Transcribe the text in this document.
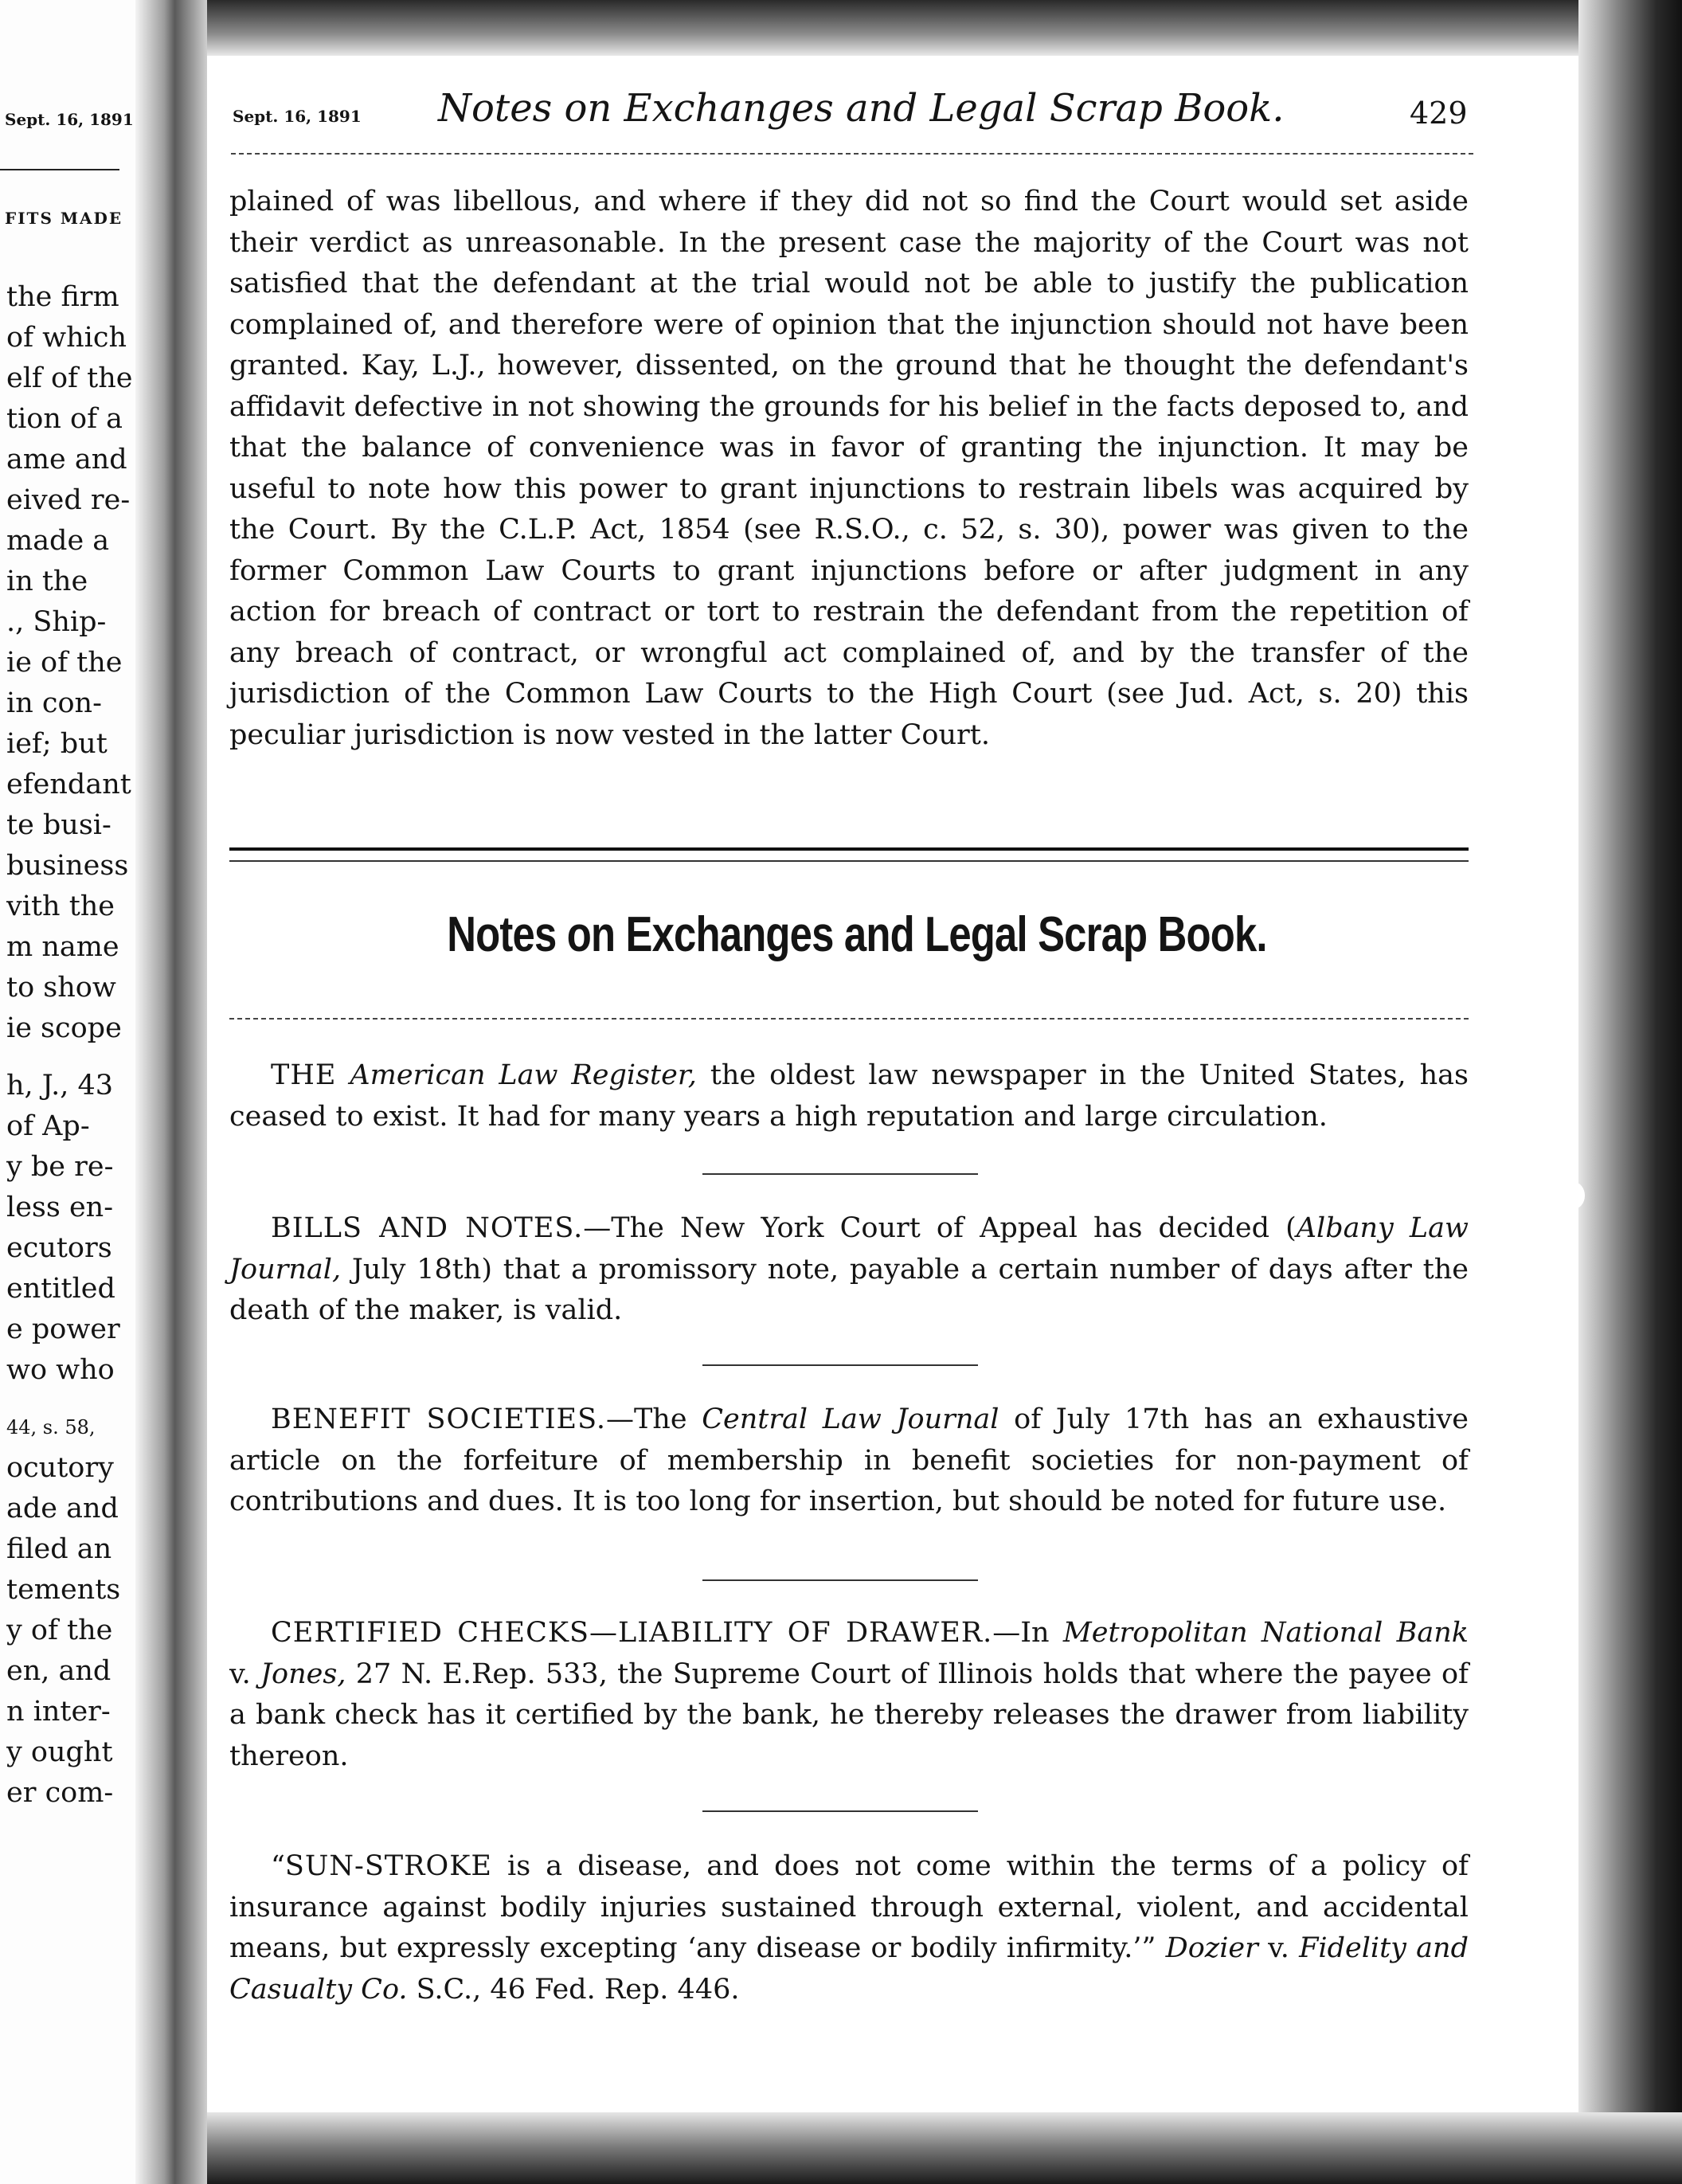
Sept. 16, 1891
FITS MADE
the firm
of which
elf of the
tion of a
ame and
eived re-
made a
in the
., Ship-
ie of the
in con-
ief; but
efendant
te busi-
business
vith the
m name
to show
ie scope
h, J., 43
of Ap-
y be re-
less en-
ecutors
entitled
e power
wo who
44, s. 58,
ocutory
ade and
filed an
tements
y of the
en, and
n inter-
y ought
er com-
Sept. 16, 1891 Notes on Exchanges and Legal Scrap Book.	429

plained of was libellous, and where if they did not so find the Court would set aside their verdict as unreasonable. In the present case the majority of the Court was not satisfied that the defendant at the trial would not be able to justify the publication complained of, and therefore were of opinion that the injunction should not have been granted. Kay, L.J., however, dissented, on the ground that he thought the defendant's affidavit defective in not showing the grounds for his belief in the facts deposed to, and that the balance of convenience was in favor of granting the injunction. It may be useful to note how this power to grant injunctions to restrain libels was acquired by the Court. By the C.L.P. Act, 1854 (see R.S.O., c. 52, s. 30), power was given to the former Common Law Courts to grant injunctions before or after judgment in any action for breach of contract or tort to restrain the defendant from the repetition of any breach of contract, or wrongful act complained of, and by the transfer of the jurisdiction of the Common Law Courts to the High Court (see Jud. Act, s. 20) this peculiar jurisdiction is now vested in the latter Court.

Notes on Exchanges and Legal Scrap Book.

THE American Law Register, the oldest law newspaper in the United States, has ceased to exist. It had for many years a high reputation and large circulation.

BILLS AND NOTES.—The New York Court of Appeal has decided (Albany Law Journal, July 18th) that a promissory note, payable a certain number of days after the death of the maker, is valid.

BENEFIT SOCIETIES.—The Central Law Journal of July 17th has an exhaustive article on the forfeiture of membership in benefit societies for non-payment of contributions and dues. It is too long for insertion, but should be noted for future use.

CERTIFIED CHECKS—LIABILITY OF DRAWER.—In Metropolitan National Bank v. Jones, 27 N. E.Rep. 533, the Supreme Court of Illinois holds that where the payee of a bank check has it certified by the bank, he thereby releases the drawer from liability thereon.

“SUN-STROKE is a disease, and does not come within the terms of a policy of insurance against bodily injuries sustained through external, violent, and accidental means, but expressly excepting ‘any disease or bodily infirmity.’” Dozier v. Fidelity and Casualty Co. S.C., 46 Fed. Rep. 446.
